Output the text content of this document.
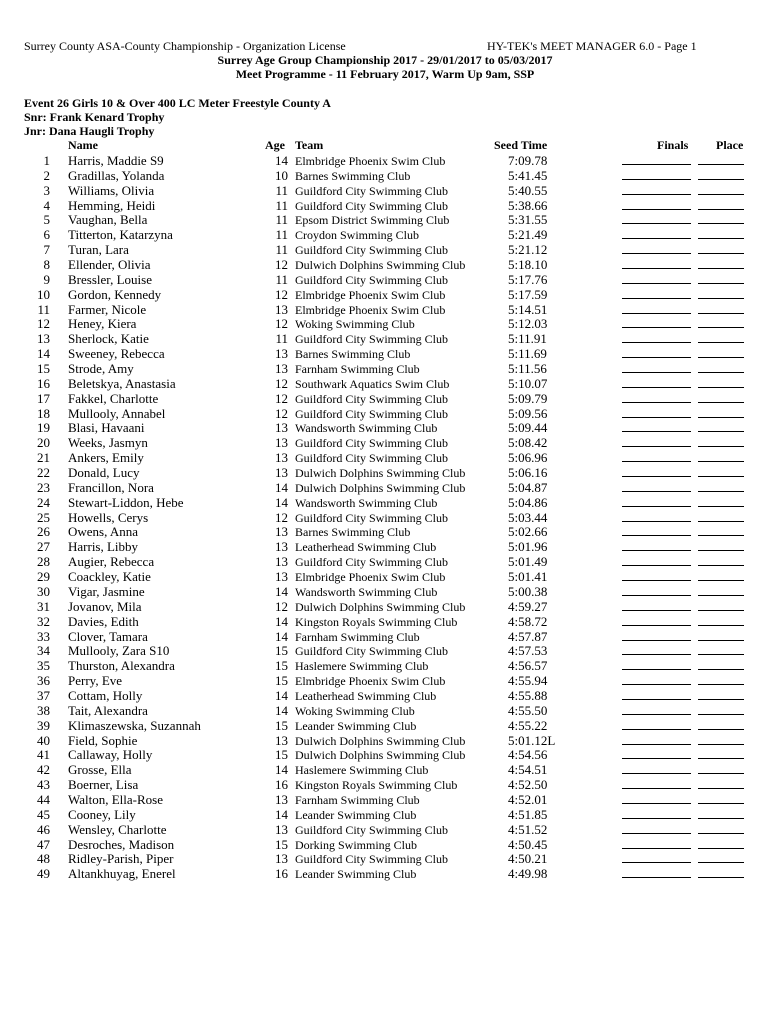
Surrey County ASA-County Championship - Organization License	HY-TEK's MEET MANAGER 6.0 - Page 1
Surrey Age Group Championship 2017 - 29/01/2017 to 05/03/2017
Meet Programme - 11 February 2017, Warm Up 9am, SSP
Event 26 Girls 10 & Over 400 LC Meter Freestyle County A
Snr: Frank Kenard Trophy
Jnr: Dana Haugli Trophy
Name	Age Team	Seed Time	Finals Place
1 Harris, Maddie S9	14 Elmbridge Phoenix Swim Club	7:09.78
2 Gradillas, Yolanda	10 Barnes Swimming Club	5:41.45
3 Williams, Olivia	11 Guildford City Swimming Club	5:40.55
4 Hemming, Heidi	11 Guildford City Swimming Club	5:38.66
5 Vaughan, Bella	11 Epsom District Swimming Club	5:31.55
6 Titterton, Katarzyna	11 Croydon Swimming Club	5:21.49
7 Turan, Lara	11 Guildford City Swimming Club	5:21.12
8 Ellender, Olivia	12 Dulwich Dolphins Swimming Club	5:18.10
9 Bressler, Louise	11 Guildford City Swimming Club	5:17.76
10 Gordon, Kennedy	12 Elmbridge Phoenix Swim Club	5:17.59
11 Farmer, Nicole	13 Elmbridge Phoenix Swim Club	5:14.51
12 Heney, Kiera	12 Woking Swimming Club	5:12.03
13 Sherlock, Katie	11 Guildford City Swimming Club	5:11.91
14 Sweeney, Rebecca	13 Barnes Swimming Club	5:11.69
15 Strode, Amy	13 Farnham Swimming Club	5:11.56
16 Beletskya, Anastasia	12 Southwark Aquatics Swim Club	5:10.07
17 Fakkel, Charlotte	12 Guildford City Swimming Club	5:09.79
18 Mullooly, Annabel	12 Guildford City Swimming Club	5:09.56
19 Blasi, Havaani	13 Wandsworth Swimming Club	5:09.44
20 Weeks, Jasmyn	13 Guildford City Swimming Club	5:08.42
21 Ankers, Emily	13 Guildford City Swimming Club	5:06.96
22 Donald, Lucy	13 Dulwich Dolphins Swimming Club	5:06.16
23 Francillon, Nora	14 Dulwich Dolphins Swimming Club	5:04.87
24 Stewart-Liddon, Hebe	14 Wandsworth Swimming Club	5:04.86
25 Howells, Cerys	12 Guildford City Swimming Club	5:03.44
26 Owens, Anna	13 Barnes Swimming Club	5:02.66
27 Harris, Libby	13 Leatherhead Swimming Club	5:01.96
28 Augier, Rebecca	13 Guildford City Swimming Club	5:01.49
29 Coackley, Katie	13 Elmbridge Phoenix Swim Club	5:01.41
30 Vigar, Jasmine	14 Wandsworth Swimming Club	5:00.38
31 Jovanov, Mila	12 Dulwich Dolphins Swimming Club	4:59.27
32 Davies, Edith	14 Kingston Royals Swimming Club	4:58.72
33 Clover, Tamara	14 Farnham Swimming Club	4:57.87
34 Mullooly, Zara S10	15 Guildford City Swimming Club	4:57.53
35 Thurston, Alexandra	15 Haslemere Swimming Club	4:56.57
36 Perry, Eve	15 Elmbridge Phoenix Swim Club	4:55.94
37 Cottam, Holly	14 Leatherhead Swimming Club	4:55.88
38 Tait, Alexandra	14 Woking Swimming Club	4:55.50
39 Klimaszewska, Suzannah	15 Leander Swimming Club	4:55.22
40 Field, Sophie	13 Dulwich Dolphins Swimming Club	5:01.12L
41 Callaway, Holly	15 Dulwich Dolphins Swimming Club	4:54.56
42 Grosse, Ella	14 Haslemere Swimming Club	4:54.51
43 Boerner, Lisa	16 Kingston Royals Swimming Club	4:52.50
44 Walton, Ella-Rose	13 Farnham Swimming Club	4:52.01
45 Cooney, Lily	14 Leander Swimming Club	4:51.85
46 Wensley, Charlotte	13 Guildford City Swimming Club	4:51.52
47 Desroches, Madison	15 Dorking Swimming Club	4:50.45
48 Ridley-Parish, Piper	13 Guildford City Swimming Club	4:50.21
49 Altankhuyag, Enerel	16 Leander Swimming Club	4:49.98
